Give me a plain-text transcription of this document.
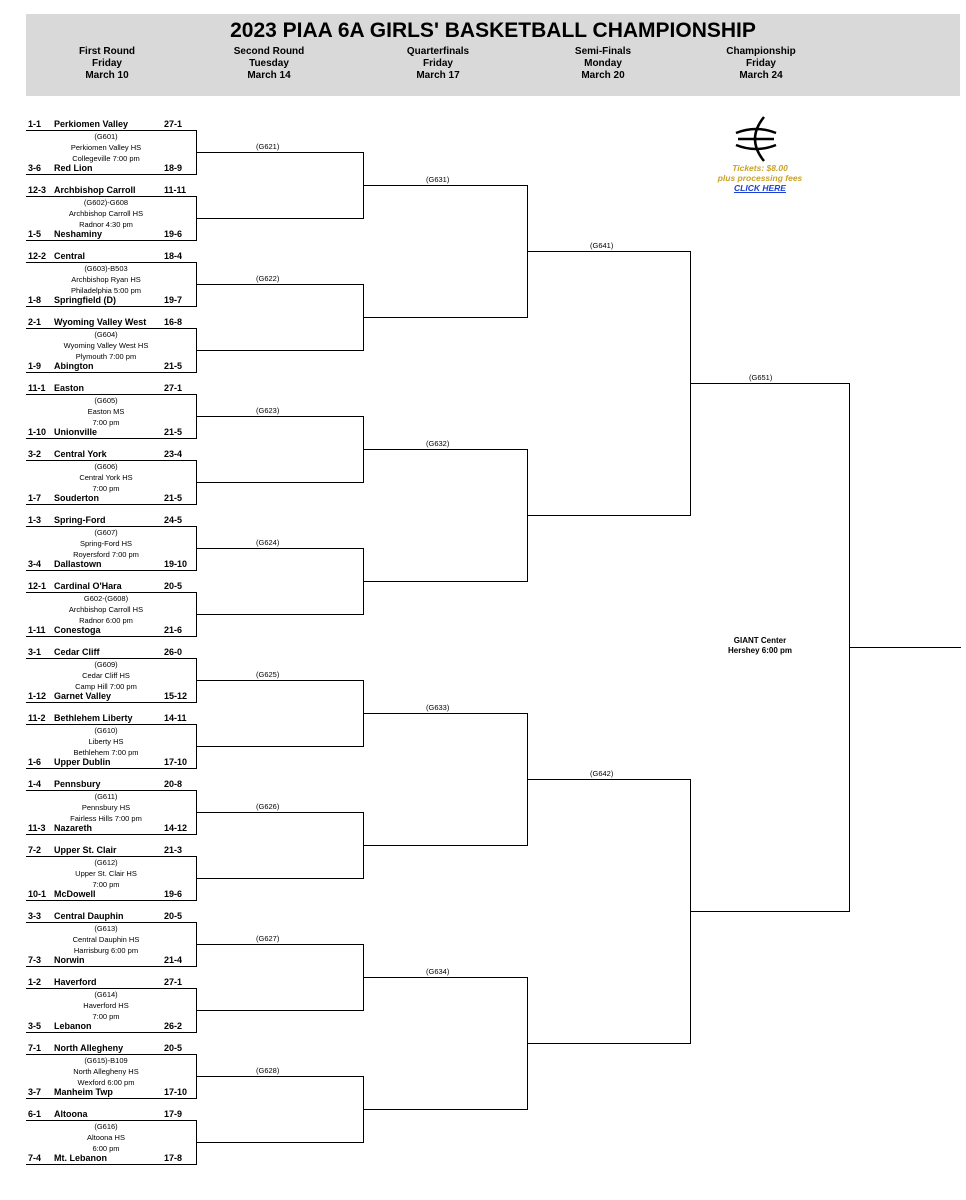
2023 PIAA 6A GIRLS' BASKETBALL CHAMPIONSHIP
First Round
Friday
March 10
Second Round
Tuesday
March 14
Quarterfinals
Friday
March 17
Semi-Finals
Monday
March 20
Championship
Friday
March 24
1-1 Perkiomen Valley	27-1
3-6 Red Lion	18-9
(G601)
Perkiomen Valley HS
Collegeville 7:00 pm
12-3 Archbishop Carroll	11-11
1-5 Neshaminy	19-6
(G602)-G608
Archbishop Carroll HS
Radnor 4:30 pm
12-2 Central	18-4
1-8 Springfield (D)	19-7
(G603)-B503
Archbishop Ryan HS
Philadelphia 5:00 pm
2-1 Wyoming Valley West 16-8
1-9 Abington	21-5
(G604)
Wyoming Valley West HS
Plymouth 7:00 pm
11-1 Easton	27-1
1-10 Unionville	21-5
(G605)
Easton MS
7:00 pm
3-2 Central York	23-4
1-7 Souderton	21-5
(G606)
Central York HS
7:00 pm
1-3 Spring-Ford	24-5
3-4 Dallastown	19-10
(G607)
Spring-Ford HS
Royersford 7:00 pm
12-1 Cardinal O'Hara	20-5
1-11 Conestoga	21-6
G602-(G608)
Archbishop Carroll HS
Radnor 6:00 pm
3-1 Cedar Cliff	26-0
1-12 Garnet Valley	15-12
(G609)
Cedar Cliff HS
Camp Hill 7:00 pm
11-2 Bethlehem Liberty	14-11
1-6 Upper Dublin	17-10
(G610)
Liberty HS
Bethlehem 7:00 pm
1-4 Pennsbury	20-8
11-3 Nazareth	14-12
(G611)
Pennsbury HS
Fairless Hills 7:00 pm
7-2 Upper St. Clair	21-3
10-1 McDowell	19-6
(G612)
Upper St. Clair HS
7:00 pm
3-3 Central Dauphin	20-5
7-3 Norwin	21-4
(G613)
Central Dauphin HS
Harrisburg 6:00 pm
1-2 Haverford	27-1
3-5 Lebanon	26-2
(G614)
Haverford HS
7:00 pm
7-1 North Allegheny	20-5
3-7 Manheim Twp	17-10
(G615)-B109
North Allegheny HS
Wexford 6:00 pm
6-1 Altoona	17-9
7-4 Mt. Lebanon	17-8
(G616)
Altoona HS
6:00 pm
(G621)
(G622)
(G623)
(G624)
(G625)
(G626)
(G627)
(G628)
(G631)
(G632)
(G633)
(G634)
(G641)
(G642)
(G651)
Tickets: $8.00
plus processing fees
CLICK HERE
GIANT Center
Hershey 6:00 pm
